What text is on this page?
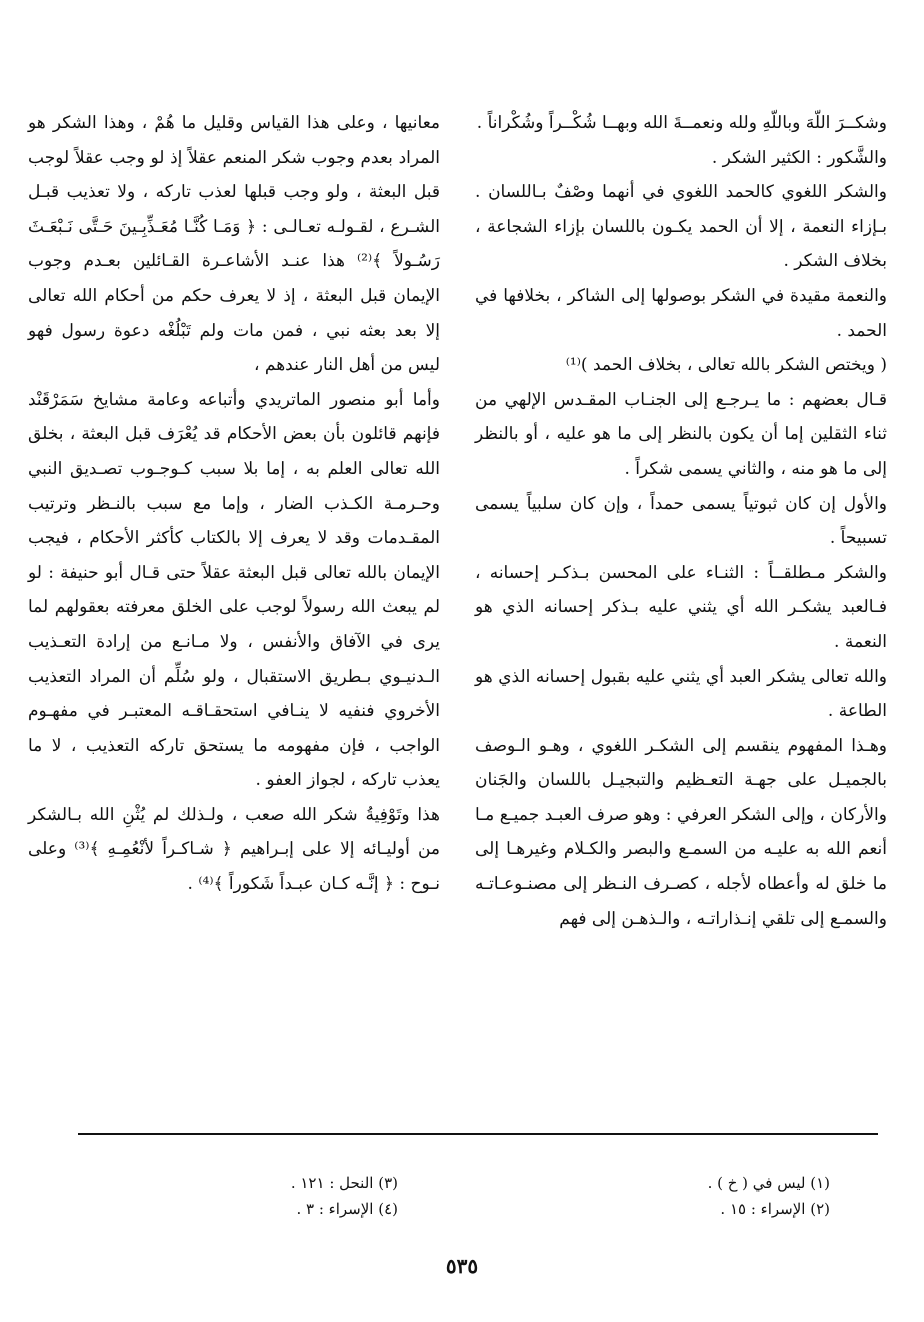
وشكــرَ اللّهَ وباللّهِ ولله ونعمــةَ الله وبهــا شُكْــراً وشُكْراناً .

والشَّكور : الكثير الشكر .

والشكر اللغوي كالحمد اللغوي في أنهما وصْفٌ بـاللسان . بـإزاء النعمة ، إلا أن الحمد يكـون باللسان بإزاء الشجاعة ، بخلاف الشكر .

والنعمة مقيدة في الشكر بوصولها إلى الشاكر ، بخلافها في الحمد .

( ويختص الشكر بالله تعالى ، بخلاف الحمد )⁽¹⁾

قـال بعضهم : ما يـرجـع إلى الجنـاب المقـدس الإلهي من ثناء الثقلين إما أن يكون بالنظر إلى ما هو عليه ، أو بالنظر إلى ما هو منه ، والثاني يسمى شكراً .

والأول إن كان ثبوتياً يسمى حمداً ، وإن كان سلبياً يسمى تسبيحاً .

والشكر مـطلقــاً : الثنـاء على المحسن بـذكـر إحسانه ، فـالعبد يشكـر الله أي يثني عليه بـذكر إحسانه الذي هو النعمة .

والله تعالى يشكر العبد أي يثني عليه بقبول إحسانه الذي هو الطاعة .

وهـذا المفهوم ينقسم إلى الشكـر اللغوي ، وهـو الـوصف بالجميـل على جهـة التعـظيم والتبجيـل باللسان والجَنان والأركان ، وإلى الشكر العرفي : وهو صرف العبـد جميـع مـا أنعم الله به عليـه من السمـع والبصر والكـلام وغيرهـا إلى ما خلق له وأعطاه لأجله ، كصـرف النـظر إلى مصنـوعـاتـه والسمـع إلى تلقي إنـذاراتـه ، والـذهـن إلى فهم

معانيها ، وعلى هذا القياس وقليل ما هُمْ ، وهذا الشكر هو المراد بعدم وجوب شكر المنعم عقلاً إذ لو وجب عقلاً لوجب قبل البعثة ، ولو وجب قبلها لعذب تاركه ، ولا تعذيب قبـل الشـرع ، لقـولـه تعـالـى : ﴿ وَمَـا كُنَّـا مُعَـذِّبِـينَ حَـتَّى نَـبْعَـثَ رَسُـولاً ﴾⁽²⁾ هذا عنـد الأشاعـرة القـائلين بعـدم وجوب الإيمان قبل البعثة ، إذ لا يعرف حكم من أحكام الله تعالى إلا بعد بعثه نبي ، فمن مات ولم تَبْلُغْه دعوة رسول فهو ليس من أهل النار عندهم ،

وأما أبو منصور الماتريدي وأتباعه وعامة مشايخ سَمَرْقَنْد فإنهم قائلون بأن بعض الأحكام قد يُعْرَف قبل البعثة ، بخلق الله تعالى العلم به ، إما بلا سبب كـوجـوب تصـديق النبي وحـرمـة الكـذب الضار ، وإما مع سبب بالنـظر وترتيب المقـدمات وقد لا يعرف إلا بالكتاب كأكثر الأحكام ، فيجب الإيمان بالله تعالى قبل البعثة عقلاً حتى قـال أبو حنيفة : لو لم يبعث الله رسولاً لوجب على الخلق معرفته بعقولهم لما يرى في الآفاق والأنفس ، ولا مـانـع من إرادة التعـذيب الـدنيـوي بـطريق الاستقبال ، ولو سُلِّم أن المراد التعذيب الأخروي فنفيه لا ينـافي استحقـاقـه المعتبـر في مفهـوم الواجب ، فإن مفهومه ما يستحق تاركه التعذيب ، لا ما يعذب تاركه ، لجواز العفو .

هذا وتَوْفِيةُ شكر الله صعب ، ولـذلك لم يُثْنِ الله بـالشكر من أوليـائه إلا على إبـراهيم ﴿ شـاكـراً لأنْعُمِـهِ ﴾⁽³⁾ وعلى نـوح : ﴿ إنَّـه كـان عبـداً شَكوراً ﴾⁽⁴⁾ .

(١) ليس في ( خ ) .
(٢) الإسراء : ١٥ .
(٣) النحل : ١٢١ .
(٤) الإسراء : ٣ .
٥٣٥
